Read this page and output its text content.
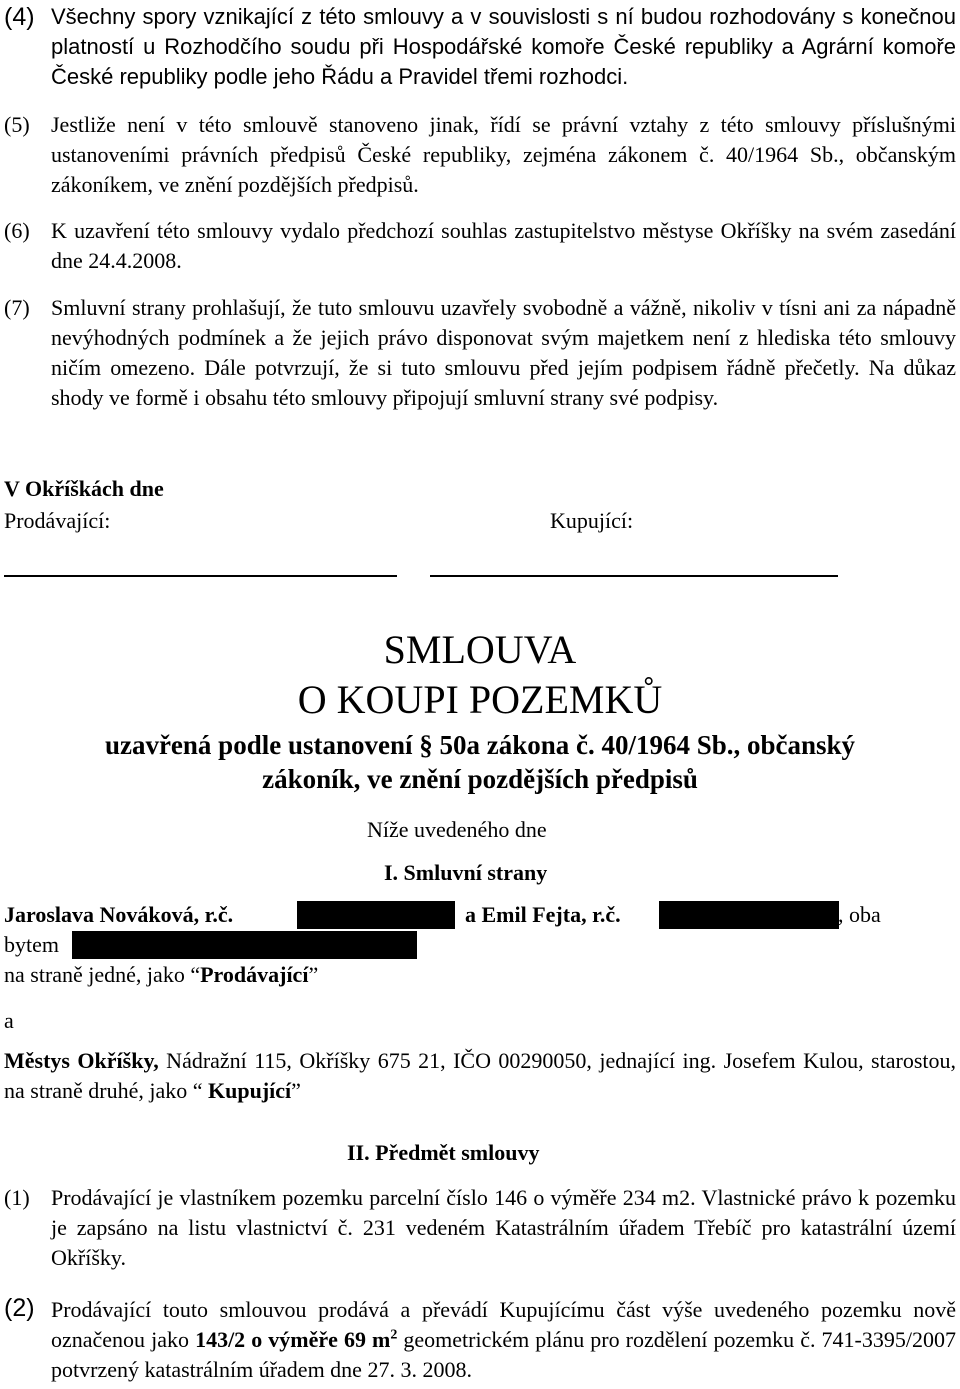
(4) Všechny spory vznikající z této smlouvy a v souvislosti s ní budou rozhodovány s konečnou platností u Rozhodčího soudu při Hospodářské komoře České republiky a Agrární komoře České republiky podle jeho Řádu a Pravidel třemi rozhodci.
(5) Jestliže není v této smlouvě stanoveno jinak, řídí se právní vztahy z této smlouvy příslušnými ustanoveními právních předpisů České republiky, zejména zákonem č. 40/1964 Sb., občanským zákoníkem, ve znění pozdějších předpisů.
(6) K uzavření této smlouvy vydalo předchozí souhlas zastupitelstvo městyse Okříšky na svém zasedání dne 24.4.2008.
(7) Smluvní strany prohlašují, že tuto smlouvu uzavřely svobodně a vážně, nikoliv v tísni ani za nápadně nevýhodných podmínek a že jejich právo disponovat svým majetkem není z hlediska této smlouvy ničím omezeno. Dále potvrzují, že si tuto smlouvu před jejím podpisem řádně přečetly. Na důkaz shody ve formě i obsahu této smlouvy připojují smluvní strany své podpisy.
V Okříškách dne
Prodávající:	Kupující:
SMLOUVA
O KOUPI POZEMKŮ
uzavřená podle ustanovení § 50a zákona č. 40/1964 Sb., občanský
zákoník, ve znění pozdějších předpisů
Níže uvedeného dne
I. Smluvní strany
Jaroslava Nováková, r.č.	a Emil Fejta, r.č.	, oba
bytem
na straně jedné, jako “Prodávající”
a
Městys Okříšky, Nádražní 115, Okříšky 675 21, IČO 00290050, jednající ing. Josefem Kulou, starostou, na straně druhé, jako “ Kupující”
II. Předmět smlouvy
(1) Prodávající je vlastníkem pozemku parcelní číslo 146 o výměře 234 m2. Vlastnické právo k pozemku je zapsáno na listu vlastnictví č. 231 vedeném Katastrálním úřadem Třebíč pro katastrální území Okříšky.
(2) Prodávající touto smlouvou prodává a převádí Kupujícímu část výše uvedeného pozemku nově označenou jako 143/2 o výměře 69 $m^2$ geometrickém plánu pro rozdělení pozemku č. 741-3395/2007 potvrzený katastrálním úřadem dne 27. 3. 2008.
